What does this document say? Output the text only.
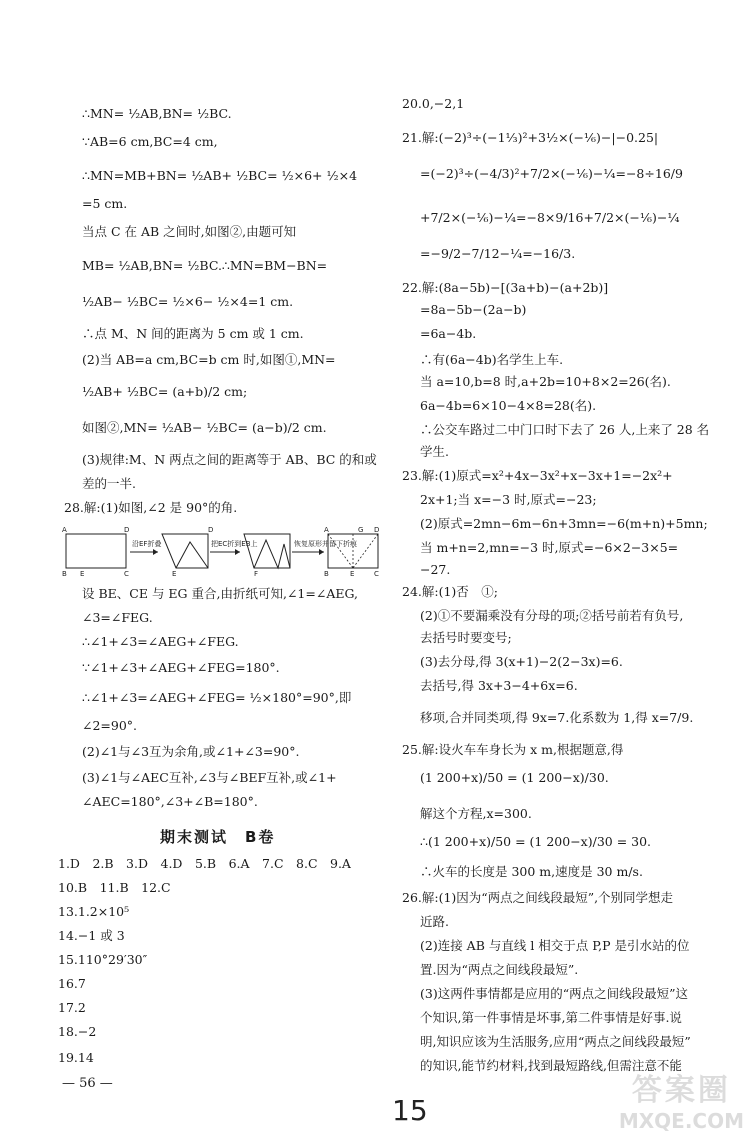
∴MN= ½AB,BN= ½BC.
∵AB=6 cm,BC=4 cm,
∴MN=MB+BN= ½AB+ ½BC= ½×6+ ½×4
=5 cm.
当点 C 在 AB 之间时,如图②,由题可知
MB= ½AB,BN= ½BC.∴MN=BM−BN=
½AB− ½BC= ½×6− ½×4=1 cm.
∴点 M、N 间的距离为 5 cm 或 1 cm.
(2)当 AB=a cm,BC=b cm 时,如图①,MN=
½AB+ ½BC= (a+b)/2 cm;
如图②,MN= ½AB− ½BC= (a−b)/2 cm.
(3)规律:M、N 两点之间的距离等于 AB、BC 的和或
差的一半.
28.解:(1)如图,∠2 是 90°的角.
A	D
B E	C
沿EF折叠
D
E
把EC折到EB上
F
恢复原形并留下折痕
A	G D
B	E	C
设 BE、CE 与 EG 重合,由折纸可知,∠1=∠AEG,
∠3=∠FEG.
∴∠1+∠3=∠AEG+∠FEG.
∵∠1+∠3+∠AEG+∠FEG=180°.
∴∠1+∠3=∠AEG+∠FEG= ½×180°=90°,即
∠2=90°.
(2)∠1与∠3互为余角,或∠1+∠3=90°.
(3)∠1与∠AEC互补,∠3与∠BEF互补,或∠1+
∠AEC=180°,∠3+∠B=180°.
期末测试　B卷
1.D　2.B　3.D　4.D　5.B　6.A　7.C　8.C　9.A
10.B　11.B　12.C
13.1.2×10⁵
14.−1 或 3
15.110°29′30″
16.7
17.2
18.−2
19.14
— 56 —
20.0,−2,1
21.解:(−2)³÷(−1⅓)²+3½×(−⅙)−|−0.25|
=(−2)³÷(−4/3)²+7/2×(−⅙)−¼=−8÷16/9
+7/2×(−⅙)−¼=−8×9/16+7/2×(−⅙)−¼
=−9/2−7/12−¼=−16/3.
22.解:(8a−5b)−[(3a+b)−(a+2b)]
=8a−5b−(2a−b)
=6a−4b.
∴有(6a−4b)名学生上车.
当 a=10,b=8 时,a+2b=10+8×2=26(名).
6a−4b=6×10−4×8=28(名).
∴公交车路过二中门口时下去了 26 人,上来了 28 名
学生.
23.解:(1)原式=x²+4x−3x²+x−3x+1=−2x²+
2x+1;当 x=−3 时,原式=−23;
(2)原式=2mn−6m−6n+3mn=−6(m+n)+5mn;
当 m+n=2,mn=−3 时,原式=−6×2−3×5=
−27.
24.解:(1)否　①;
(2)①不要漏乘没有分母的项;②括号前若有负号,
去括号时要变号;
(3)去分母,得 3(x+1)−2(2−3x)=6.
去括号,得 3x+3−4+6x=6.
移项,合并同类项,得 9x=7.化系数为 1,得 x=7/9.
25.解:设火车车身长为 x m,根据题意,得
(1 200+x)/50 = (1 200−x)/30.
解这个方程,x=300.
∴(1 200+x)/50 = (1 200−x)/30 = 30.
∴火车的长度是 300 m,速度是 30 m/s.
26.解:(1)因为“两点之间线段最短”,个别同学想走
近路.
(2)连接 AB 与直线 l 相交于点 P,P 是引水站的位
置.因为“两点之间线段最短”.
(3)这两件事情都是应用的“两点之间线段最短”这
个知识,第一件事情是坏事,第二件事情是好事.说
明,知识应该为生活服务,应用“两点之间线段最短”
的知识,能节约材料,找到最短路线,但需注意不能
15
答案圈
MXQE.COM
